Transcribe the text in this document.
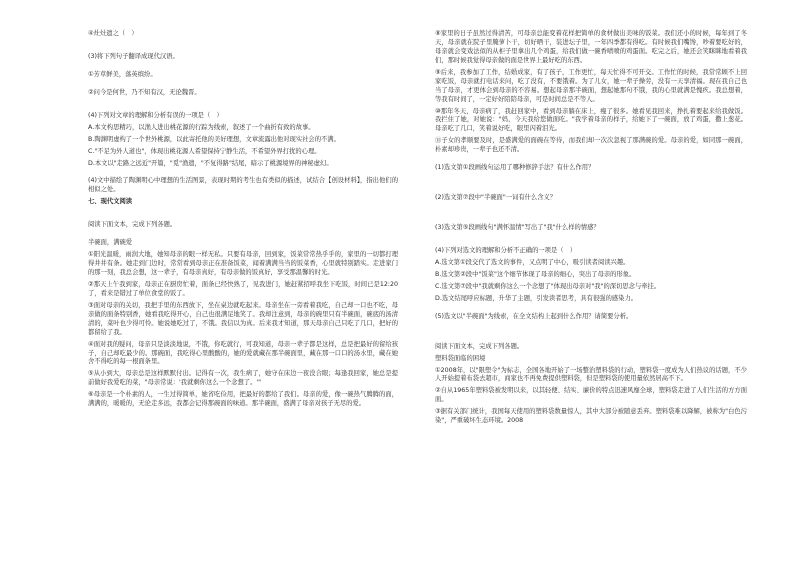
④灶灶遗之（　）

(3)将下列句子翻译成现代汉语。

①芳草鲜美，落英缤纷。

②问今是何世，乃不知有汉，无论魏晋。

(4)下列对文章的理解和分析有误的一项是（　）

A.本文构思精巧，以渔人进出桃花源的行踪为线索，叙述了一个曲折有致的故事。

B.陶渊明虚构了一个世外桃源，以此寄托他的美好理想，文章流露出他对现实社会的不满。

C."不足为外人道也"，体现出桃花源人希望保持宁静生活，不希望外界打扰的心理。

D.本文以"走路之远近"开篇，"觅"渔遗，"不复得路"结尾，暗示了桃源境界的神秘虚幻。

(4)文中描绘了陶渊明心中理想的生活图景，表现时期的考生也有类似的描述，试结合【创设材料】，指出他们的相似之处。

七、现代文阅读

阅读下面文本，完成下列各题。

半碗面，满碗爱

①阳光温暖，雨润大地，她知母亲的眼一样无私。只要有母亲，回到家，饭菜常常热乎乎的，家里的一切都打理得井井有条。她走到门边时，常常看到母亲正在准备饭菜，闻着满满当当的饭菜香，心里就特别踏实。走进家门的那一刻，我总会想，这一辈子，有母亲真好，有母亲做的饭真好，享受那温馨的时光。

②那天上午我到家，母亲正在厨房忙着，面条已经快熟了，见我进门，她赶紧招呼我坐下吃饭，时间已是12:20了，看来是错过了单位食堂的饭了。

③面对母亲的关切，我把手里的东西放下，坐在桌边就吃起来。母亲坐在一旁看着我吃，自己却一口也不吃，母亲做的面条特别香，她看我吃得开心，自己也很满足地笑了。我却注意到，母亲的碗里只有半碗面，碗底的汤清清的，菜叶也少得可怜。她说她吃过了，不饿。我信以为真。后来我才知道，那天母亲自己只吃了几口，把好的都留给了我。

④面对我的疑问，母亲只是淡淡地说，不饿，你吃就行，可我知道，母亲一辈子都是这样，总是把最好的留给孩子，自己却吃最少的。那碗面，我吃得心里酸酸的，她的爱就藏在那半碗面里，藏在那一口口的汤水里，藏在她舍不得吃的每一根面条里。

⑤从小到大，母亲总是这样默默付出。记得有一次，我生病了，她守在床边一夜没合眼；每逢我回家，她总是提前做好我爱吃的菜，"母亲常说：'我就剩你这么一个念想了。'"

⑥母亲是一个朴素的人，一生过得简单，她省吃俭用，把最好的都给了我们。母亲的爱，像一碗热气腾腾的面，满满的，暖暖的，无论走多远，我都会记得那碗面的味道。那半碗面，盛满了母亲对孩子无尽的爱。

⑧家里的日子虽然过得清苦，可母亲总能变着花样把简单的食材做出美味的饭菜。我们还小的时候，每年到了冬天，母亲就在院子里腌萝卜干，切好晒干，装进坛子里，一年四季都有得吃。有时候我们嘴馋，吵着要吃好的，母亲就会变戏法似的从柜子里拿出几个鸡蛋，给我们做一碗香喷喷的鸡蛋面。吃完之后，她还会笑眯眯地看着我们，那时候我觉得母亲做的面是世界上最好吃的东西。

⑨后来，我参加了工作，结婚成家，有了孩子，工作更忙，每天忙得不可开交。工作忙的时候，我常常顾不上回家吃饭，母亲就打电话来问，吃了没有，不要饿着。为了儿女，她一辈子操劳，没有一天享清福。现在我自己也当了母亲，才更体会到母亲的不容易。想起母亲那半碗面，想起她那句不饿，我的心里就满是愧疚。我总想着，等我有时间了，一定好好陪陪母亲，可是时间总是不等人。

⑩那年冬天，母亲病了，我赶回家中，看到母亲躺在床上，瘦了很多。她看见我回来，挣扎着要起来给我做饭。我拦住了她，对她说："妈，今天我给您做面吃。"我学着母亲的样子，给她下了一碗面，放了鸡蛋，撒上葱花。母亲吃了几口，笑着说好吃，眼里闪着泪光。

⑪子女的孝顺要及时，是盛满爱的面碗在等待，而我们却一次次忽视了那满碗的爱。母亲的爱，如同那一碗面，朴素却珍贵，一辈子也还不清。

(1)选文第①段画线句运用了哪种修辞手法？有什么作用？

(2)选文第⑦段中"半碗面"一词有什么含义？

(3)选文第⑤段画线句"满怀温情"写出了"我"什么样的情感？

(4)下列对选文的理解和分析不正确的一项是（　）

A.选文第①段交代了选文的事件，又点明了中心，吸引读者阅读兴趣。

B.选文第②段中"饭菜"这个细节体现了母亲的细心，突出了母亲的形象。

C.选文第⑦段中"我就剩你这么一个念想了"体现出母亲对"我"的深切思念与牵挂。

D.选文结尾呼应标题，升华了主题，引发读者思考，具有很强的感染力。

(5)选文以"半碗面"为线索，在全文结构上起到什么作用？请简要分析。

阅读下面文本，完成下列各题。

塑料袋面临的困境

①2008年，以"限塑令"为标志，全国各地开始了一场整治塑料袋的行动，塑料袋一度成为人们热议的话题，不少人开始提着布袋去超市，商家也不再免费提供塑料袋，但是塑料袋的使用量依然居高不下。

②自从1965年塑料袋被发明以来，以其轻便、结实、廉价的特点迅速风靡全球，塑料袋走进了人们生活的方方面面。

③据有关部门统计，我国每天使用的塑料袋数量惊人，其中大部分被随意丢弃。塑料袋难以降解，被称为"白色污染"，严重破坏生态环境。2008
